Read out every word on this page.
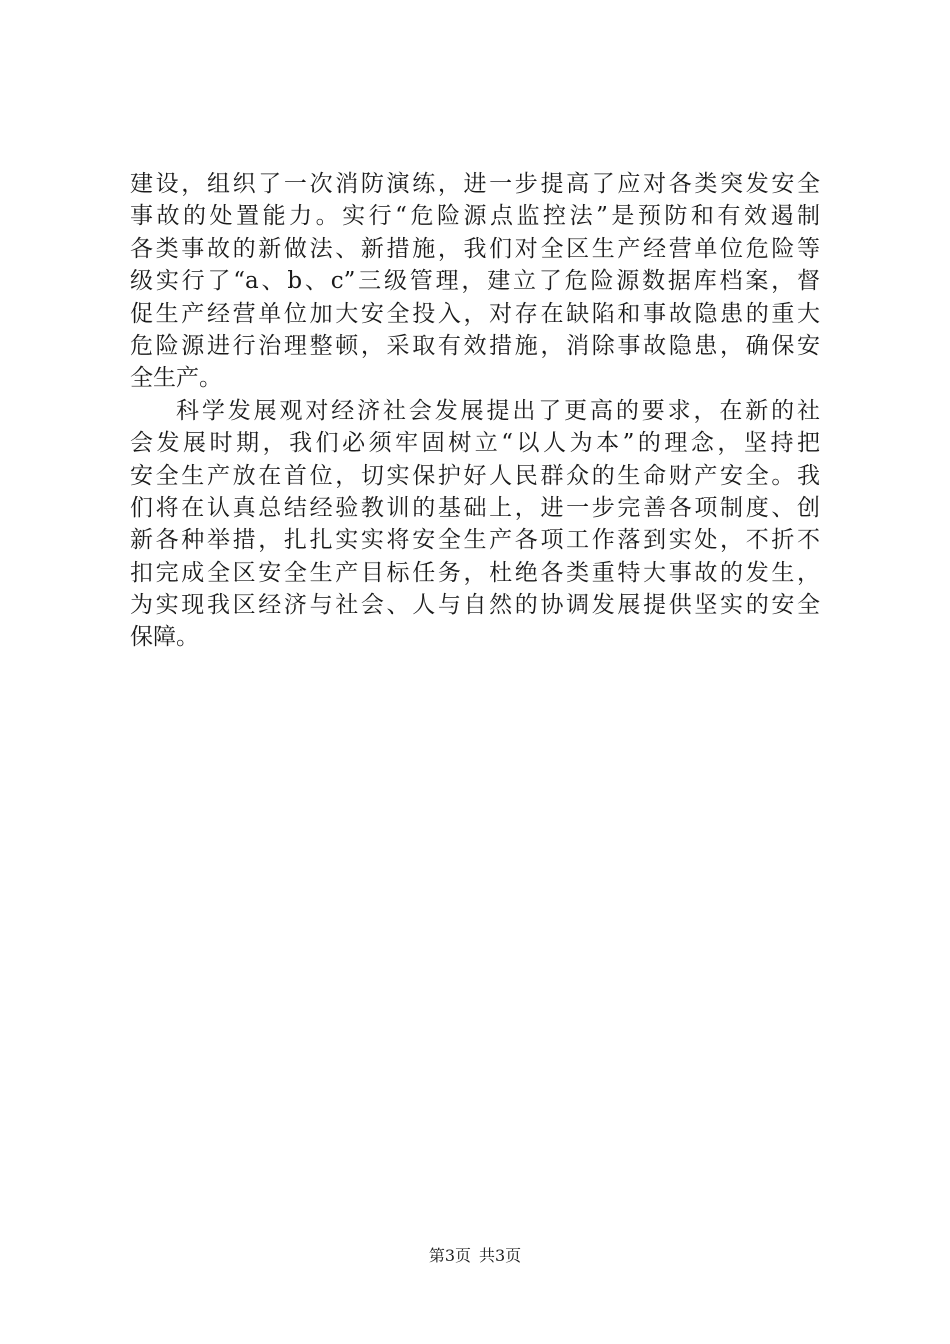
建设，组织了一次消防演练，进一步提高了应对各类突发安全
事故的处置能力。实行“危险源点监控法”是预防和有效遏制
各类事故的新做法、新措施，我们对全区生产经营单位危险等
级实行了“a、b、c”三级管理，建立了危险源数据库档案，督
促生产经营单位加大安全投入，对存在缺陷和事故隐患的重大
危险源进行治理整顿，采取有效措施，消除事故隐患，确保安
全生产。
科学发展观对经济社会发展提出了更高的要求，在新的社
会发展时期，我们必须牢固树立“以人为本”的理念，坚持把
安全生产放在首位，切实保护好人民群众的生命财产安全。我
们将在认真总结经验教训的基础上，进一步完善各项制度、创
新各种举措，扎扎实实将安全生产各项工作落到实处，不折不
扣完成全区安全生产目标任务，杜绝各类重特大事故的发生，
为实现我区经济与社会、人与自然的协调发展提供坚实的安全
保障。
第3页 共3页
